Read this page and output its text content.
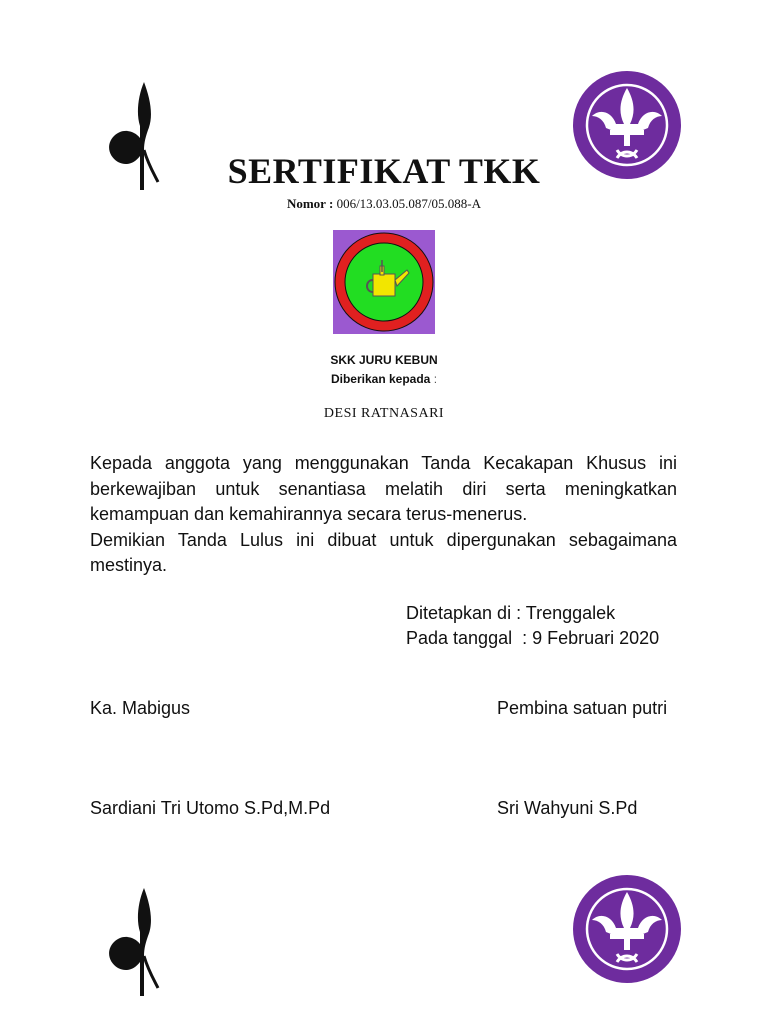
SERTIFIKAT TKK
Nomor : 006/13.03.05.087/05.088-A
SKK JURU KEBUN
Diberikan kepada :
DESI RATNASARI

Kepada anggota yang menggunakan Tanda Kecakapan Khusus ini berkewajiban untuk senantiasa melatih diri serta meningkatkan kemampuan dan kemahirannya secara terus-menerus.

Demikian Tanda Lulus ini dibuat untuk dipergunakan sebagaimana mestinya.

Ditetapkan di : Trenggalek
Pada tanggal  : 9 Februari 2020
Ka. Mabigus	Pembina satuan putri
Sardiani Tri Utomo S.Pd,M.Pd	Sri Wahyuni S.Pd
